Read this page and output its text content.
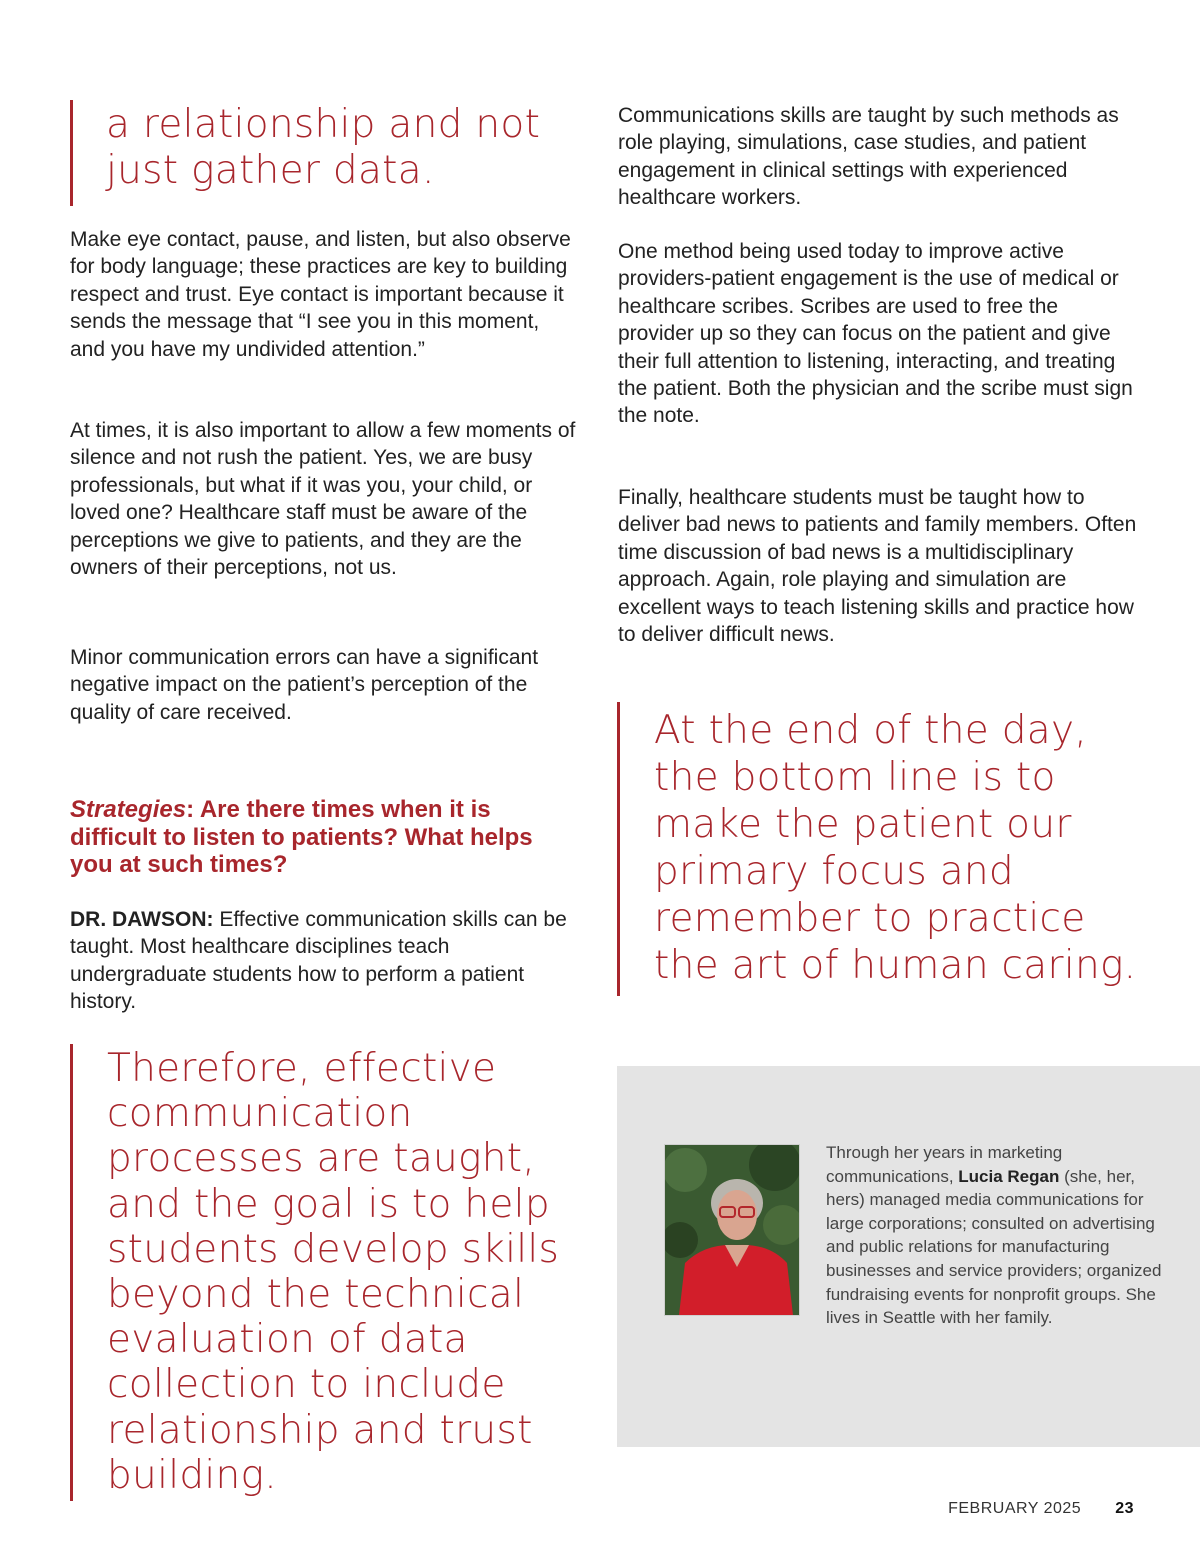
a relationship and not just gather data.

Make eye contact, pause, and listen, but also observe for body language; these practices are key to building respect and trust. Eye contact is important because it sends the message that “I see you in this moment, and you have my undivided attention.”

At times, it is also important to allow a few moments of silence and not rush the patient. Yes, we are busy professionals, but what if it was you, your child, or loved one? Healthcare staff must be aware of the perceptions we give to patients, and they are the owners of their perceptions, not us.

Minor communication errors can have a significant negative impact on the patient’s perception of the quality of care received.

Strategies: Are there times when it is difficult to listen to patients? What helps you at such times?

DR. DAWSON: Effective communication skills can be taught. Most healthcare disciplines teach undergraduate students how to perform a patient history.

Therefore, effective communication processes are taught, and the goal is to help students develop skills beyond the technical evaluation of data collection to include relationship and trust building.

Communications skills are taught by such methods as role playing, simulations, case studies, and patient engagement in clinical settings with experienced healthcare workers.

One method being used today to improve active providers-patient engagement is the use of medical or healthcare scribes. Scribes are used to free the provider up so they can focus on the patient and give their full attention to listening, interacting, and treating the patient. Both the physician and the scribe must sign the note.

Finally, healthcare students must be taught how to deliver bad news to patients and family members. Often time discussion of bad news is a multidisciplinary approach. Again, role playing and simulation are excellent ways to teach listening skills and practice how to deliver difficult news.

At the end of the day, the bottom line is to make the patient our primary focus and remember to practice the art of human caring.

Through her years in marketing communications, Lucia Regan (she, her, hers) managed media communications for large corporations; consulted on advertising and public relations for manufacturing businesses and service providers; organized fundraising events for nonprofit groups. She lives in Seattle with her family.

FEBRUARY 2025 23
